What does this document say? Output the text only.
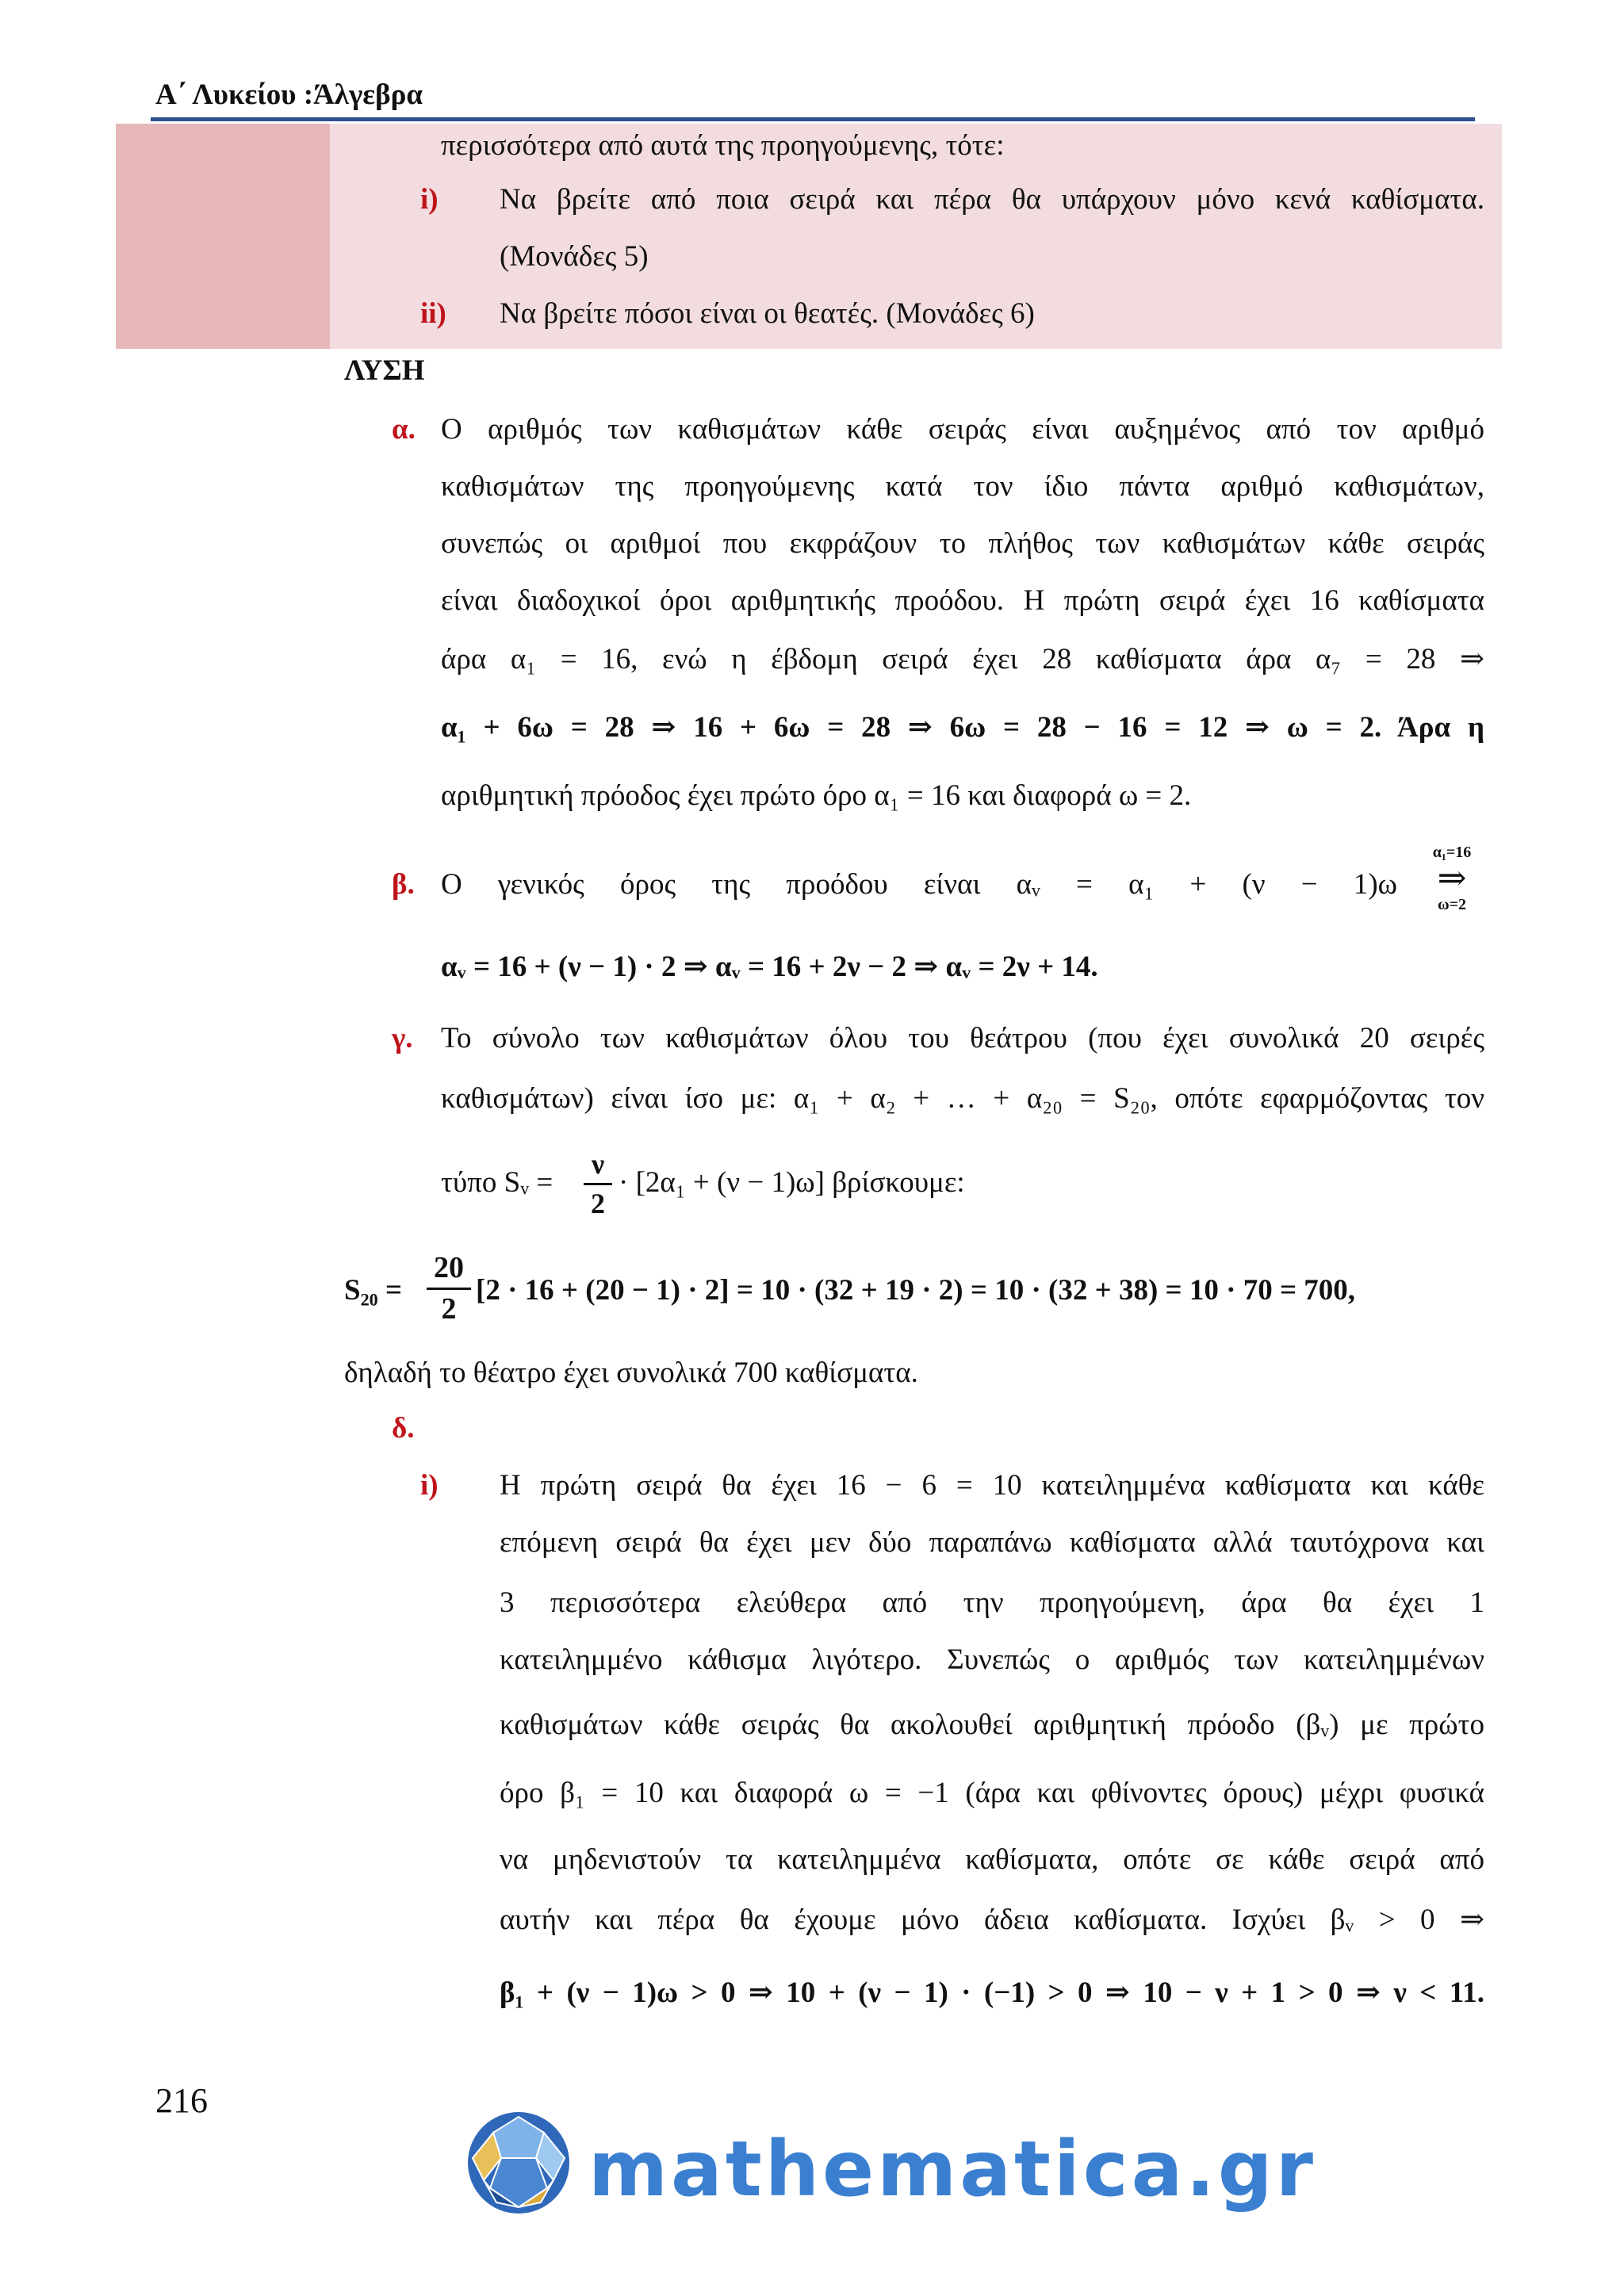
Α΄ Λυκείου :Άλγεβρα
περισσότερα από αυτά της προηγούμενης, τότε:
i) Να βρείτε από ποια σειρά και πέρα θα υπάρχουν μόνο κενά καθίσματα.
(Μονάδες 5)
ii) Να βρείτε πόσοι είναι οι θεατές. (Μονάδες 6)
ΛΥΣΗ
α. Ο αριθμός των καθισμάτων κάθε σειράς είναι αυξημένος από τον αριθμό
καθισμάτων της προηγούμενης κατά τον ίδιο πάντα αριθμό καθισμάτων,
συνεπώς οι αριθμοί που εκφράζουν το πλήθος των καθισμάτων κάθε σειράς
είναι διαδοχικοί όροι αριθμητικής προόδου. Η πρώτη σειρά έχει 16 καθίσματα
άρα α₁ = 16, ενώ η έβδομη σειρά έχει 28 καθίσματα άρα α₇ = 28 ⇒
α₁ + 6ω = 28 ⇒ 16 + 6ω = 28 ⇒ 6ω = 28 − 16 = 12 ⇒ ω = 2. Άρα η
αριθμητική πρόοδος έχει πρώτο όρο α₁ = 16 και διαφορά ω = 2.
β. Ο γενικός όρος της προόδου είναι αᵥ = α₁ + (ν − 1)ω
α₁=16
⇒
ω=2
αᵥ = 16 + (ν − 1) · 2 ⇒ αᵥ = 16 + 2ν − 2 ⇒ αᵥ = 2ν + 14.
γ. Το σύνολο των καθισμάτων όλου του θεάτρου (που έχει συνολικά 20 σειρές
καθισμάτων) είναι ίσο με: α₁ + α₂ + … + α₂₀ = S₂₀, οπότε εφαρμόζοντας τον
τύπο Sᵥ =
ν
2
· [2α₁ + (ν − 1)ω] βρίσκουμε:
S₂₀ =
20
2
[2 · 16 + (20 − 1) · 2] = 10 · (32 + 19 · 2) = 10 · (32 + 38) = 10 · 70 = 700,
δηλαδή το θέατρο έχει συνολικά 700 καθίσματα.
δ.
i) Η πρώτη σειρά θα έχει 16 − 6 = 10 κατειλημμένα καθίσματα και κάθε
επόμενη σειρά θα έχει μεν δύο παραπάνω καθίσματα αλλά ταυτόχρονα και
3 περισσότερα ελεύθερα από την προηγούμενη, άρα θα έχει 1
κατειλημμένο κάθισμα λιγότερο. Συνεπώς ο αριθμός των κατειλημμένων
καθισμάτων κάθε σειράς θα ακολουθεί αριθμητική πρόοδο (βᵥ) με πρώτο
όρο β₁ = 10 και διαφορά ω = −1 (άρα και φθίνοντες όρους) μέχρι φυσικά
να μηδενιστούν τα κατειλημμένα καθίσματα, οπότε σε κάθε σειρά από
αυτήν και πέρα θα έχουμε μόνο άδεια καθίσματα. Ισχύει βᵥ > 0 ⇒
β₁ + (ν − 1)ω > 0 ⇒ 10 + (ν − 1) · (−1) > 0 ⇒ 10 − ν + 1 > 0 ⇒ ν < 11.
216
mathematica.gr
